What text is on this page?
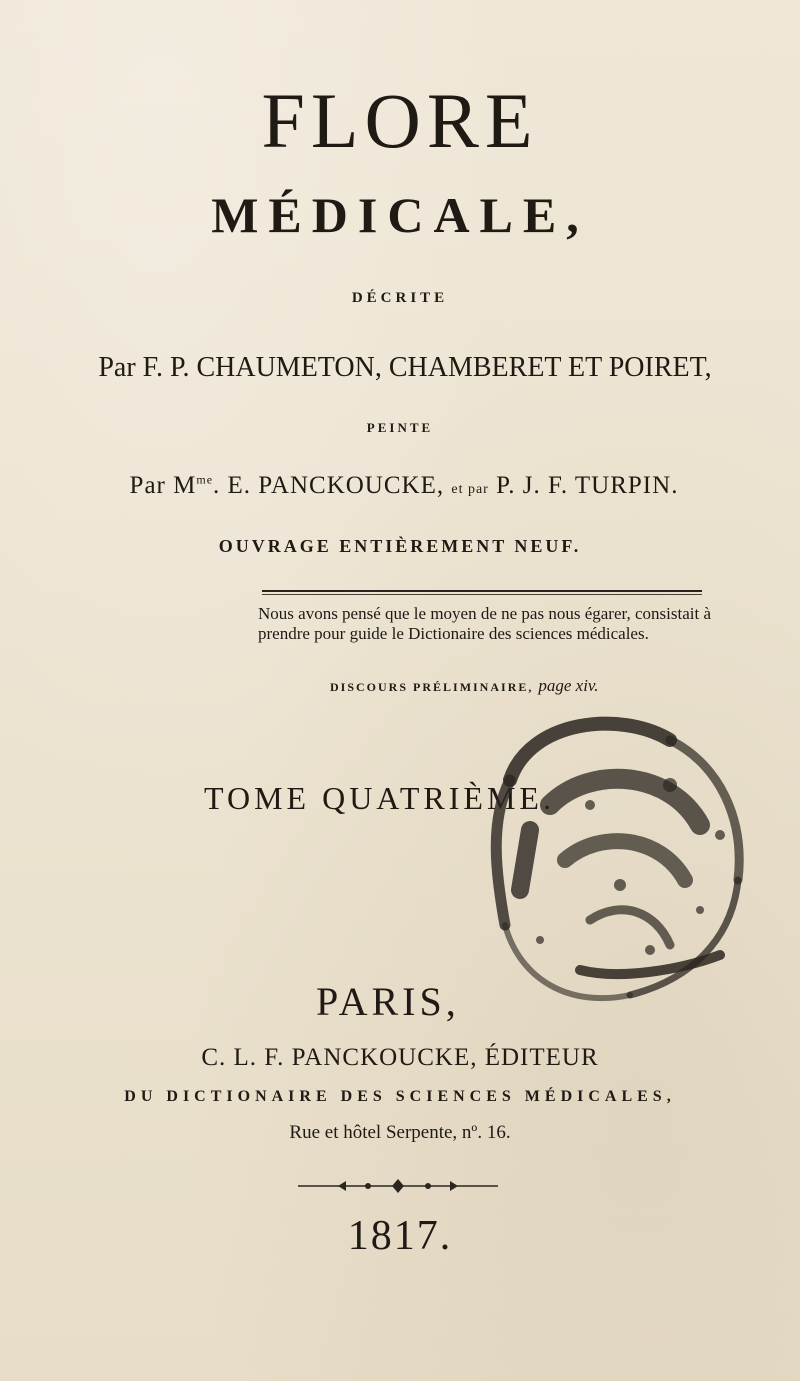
FLORE
MÉDICALE,
DÉCRITE
Par F. P. CHAUMETON, CHAMBERET ET POIRET,
PEINTE
Par $M^{me}$. E. PANCKOUCKE, et par P. J. F. TURPIN.
OUVRAGE ENTIÈREMENT NEUF.
Nous avons pensé que le moyen de ne pas nous égarer, consistait à prendre pour guide le Dictionaire des sciences médicales.
DISCOURS PRÉLIMINAIRE, page xiv.
TOME QUATRIÈME.
PARIS,
C. L. F. PANCKOUCKE, ÉDITEUR
DU DICTIONAIRE DES SCIENCES MÉDICALES,
Rue et hôtel Serpente, nº. 16.
1817.
